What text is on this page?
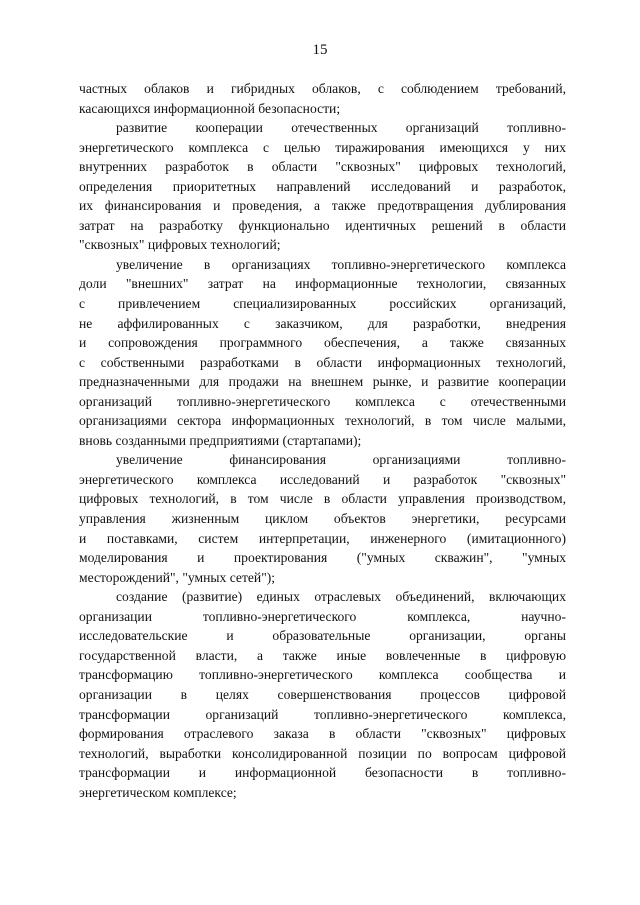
15
частных облаков и гибридных облаков, с соблюдением требований,
касающихся информационной безопасности;
развитие кооперации отечественных организаций топливно-
энергетического комплекса с целью тиражирования имеющихся у них
внутренних разработок в области "сквозных" цифровых технологий,
определения приоритетных направлений исследований и разработок,
их финансирования и проведения, а также предотвращения дублирования
затрат на разработку функционально идентичных решений в области
"сквозных" цифровых технологий;
увеличение в организациях топливно-энергетического комплекса
доли "внешних" затрат на информационные технологии, связанных
с привлечением специализированных российских организаций,
не аффилированных с заказчиком, для разработки, внедрения
и сопровождения программного обеспечения, а также связанных
с собственными разработками в области информационных технологий,
предназначенными для продажи на внешнем рынке, и развитие кооперации
организаций топливно-энергетического комплекса с отечественными
организациями сектора информационных технологий, в том числе малыми,
вновь созданными предприятиями (стартапами);
увеличение финансирования организациями топливно-
энергетического комплекса исследований и разработок "сквозных"
цифровых технологий, в том числе в области управления производством,
управления жизненным циклом объектов энергетики, ресурсами
и поставками, систем интерпретации, инженерного (имитационного)
моделирования и проектирования ("умных скважин", "умных
месторождений", "умных сетей");
создание (развитие) единых отраслевых объединений, включающих
организации топливно-энергетического комплекса, научно-
исследовательские и образовательные организации, органы
государственной власти, а также иные вовлеченные в цифровую
трансформацию топливно-энергетического комплекса сообщества и
организации в целях совершенствования процессов цифровой
трансформации организаций топливно-энергетического комплекса,
формирования отраслевого заказа в области "сквозных" цифровых
технологий, выработки консолидированной позиции по вопросам цифровой
трансформации и информационной безопасности в топливно-
энергетическом комплексе;
